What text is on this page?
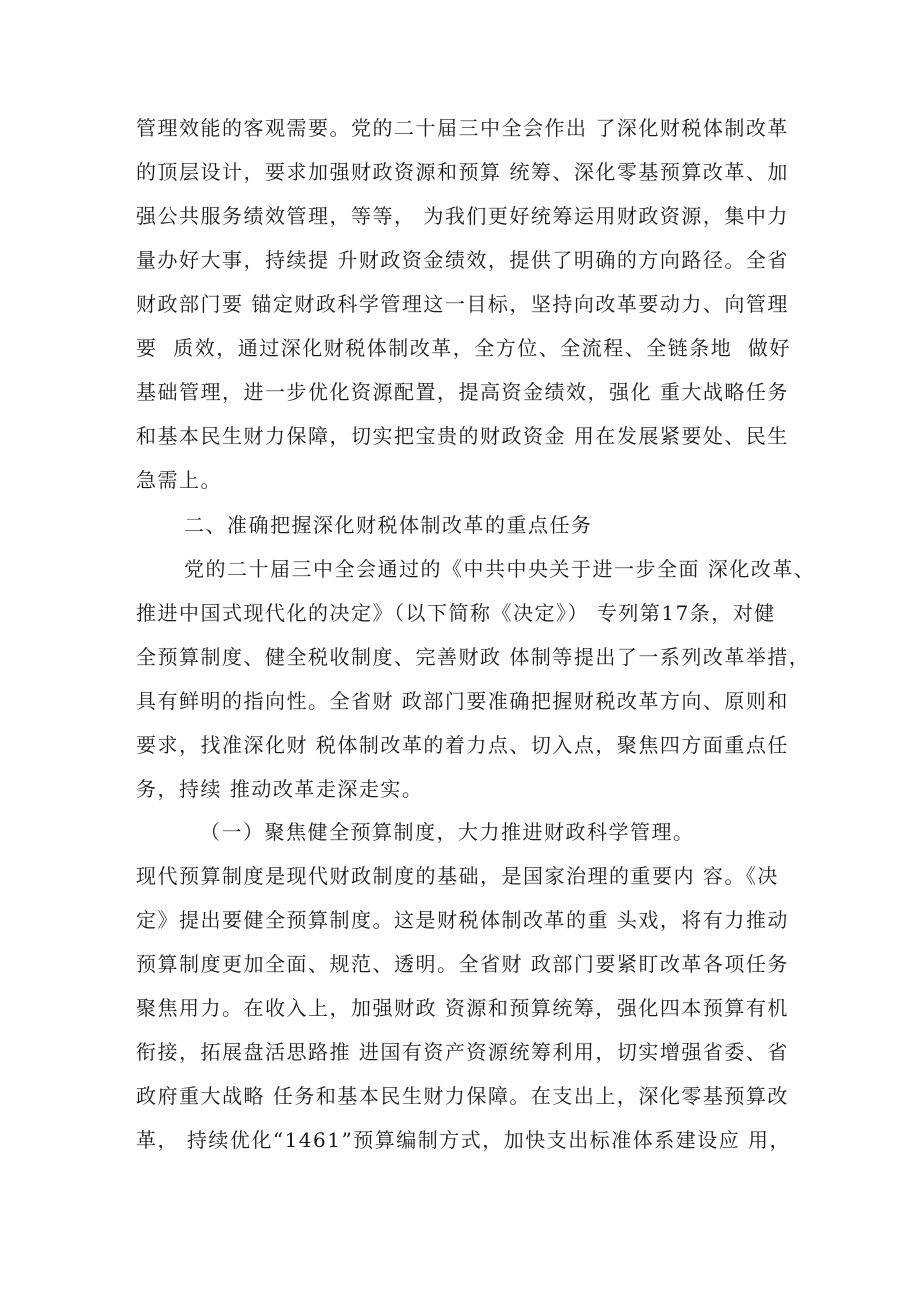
管理效能的客观需要。党的二十届三中全会作出 了深化财税体制改革
的顶层设计，要求加强财政资源和预算 统筹、深化零基预算改革、加
强公共服务绩效管理，等等， 为我们更好统筹运用财政资源，集中力
量办好大事，持续提 升财政资金绩效，提供了明确的方向路径。全省
财政部门要 锚定财政科学管理这一目标，坚持向改革要动力、向管理
要  质效，通过深化财税体制改革，全方位、全流程、全链条地  做好
基础管理，进一步优化资源配置，提高资金绩效，强化 重大战略任务
和基本民生财力保障，切实把宝贵的财政资金 用在发展紧要处、民生
急需上。
二、准确把握深化财税体制改革的重点任务
党的二十届三中全会通过的《中共中央关于进一步全面 深化改革、
推进中国式现代化的决定》（以下简称《决定》） 专列第17条，对健
全预算制度、健全税收制度、完善财政 体制等提出了一系列改革举措，
具有鲜明的指向性。全省财 政部门要准确把握财税改革方向、原则和
要求，找准深化财 税体制改革的着力点、切入点，聚焦四方面重点任
务，持续 推动改革走深走实。
（一）聚焦健全预算制度，大力推进财政科学管理。
现代预算制度是现代财政制度的基础，是国家治理的重要内 容。《决
定》提出要健全预算制度。这是财税体制改革的重 头戏，将有力推动
预算制度更加全面、规范、透明。全省财 政部门要紧盯改革各项任务
聚焦用力。在收入上，加强财政 资源和预算统筹，强化四本预算有机
衔接，拓展盘活思路推 进国有资产资源统筹利用，切实增强省委、省
政府重大战略 任务和基本民生财力保障。在支出上，深化零基预算改
革， 持续优化“1461”预算编制方式，加快支出标准体系建设应 用，
